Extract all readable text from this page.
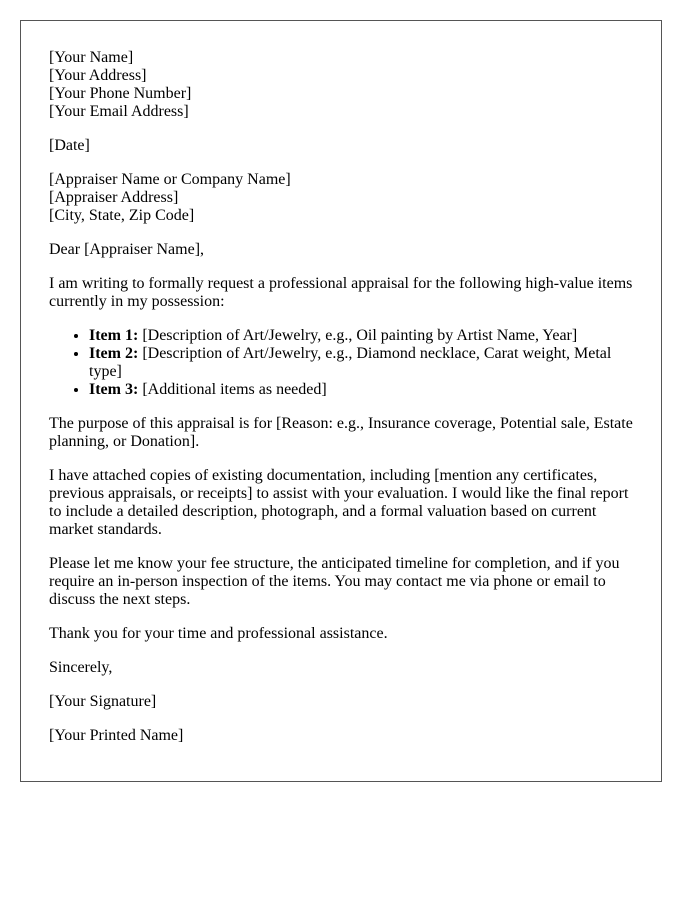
[Your Name]
[Your Address]
[Your Phone Number]
[Your Email Address]

[Date]

[Appraiser Name or Company Name]
[Appraiser Address]
[City, State, Zip Code]

Dear [Appraiser Name],

I am writing to formally request a professional appraisal for the following high-value items currently in my possession:

• Item 1: [Description of Art/Jewelry, e.g., Oil painting by Artist Name, Year]
• Item 2: [Description of Art/Jewelry, e.g., Diamond necklace, Carat weight, Metal type]
• Item 3: [Additional items as needed]

The purpose of this appraisal is for [Reason: e.g., Insurance coverage, Potential sale, Estate planning, or Donation].

I have attached copies of existing documentation, including [mention any certificates, previous appraisals, or receipts] to assist with your evaluation. I would like the final report to include a detailed description, photograph, and a formal valuation based on current market standards.

Please let me know your fee structure, the anticipated timeline for completion, and if you require an in-person inspection of the items. You may contact me via phone or email to discuss the next steps.

Thank you for your time and professional assistance.

Sincerely,

[Your Signature]

[Your Printed Name]
